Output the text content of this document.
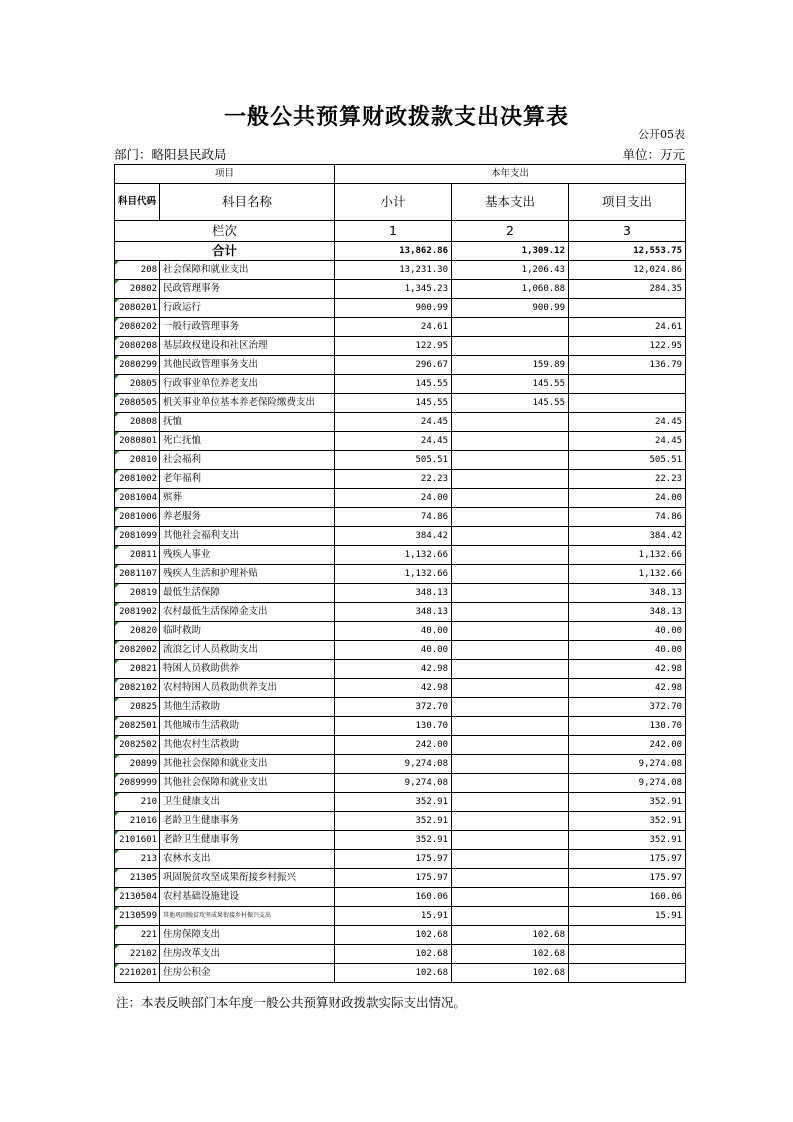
一般公共预算财政拨款支出决算表
公开05表
部门：略阳县民政局	单位：万元
项目		本年支出		
科目代码	科目名称	小计	基本支出	项目支出
栏次		1	2	3
合计		13,862.86	1,309.12	12,553.75
208	社会保障和就业支出	13,231.30	1,206.43	12,024.86
20802	民政管理事务	1,345.23	1,060.88	284.35
2080201	行政运行	900.99	900.99	
2080202	一般行政管理事务	24.61		24.61
2080208	基层政权建设和社区治理	122.95		122.95
2080299	其他民政管理事务支出	296.67	159.89	136.79
20805	行政事业单位养老支出	145.55	145.55	
2080505	机关事业单位基本养老保险缴费支出	145.55	145.55	
20808	抚恤	24.45		24.45
2080801	死亡抚恤	24.45		24.45
20810	社会福利	505.51		505.51
2081002	老年福利	22.23		22.23
2081004	殡葬	24.00		24.00
2081006	养老服务	74.86		74.86
2081099	其他社会福利支出	384.42		384.42
20811	残疾人事业	1,132.66		1,132.66
2081107	残疾人生活和护理补贴	1,132.66		1,132.66
20819	最低生活保障	348.13		348.13
2081902	农村最低生活保障金支出	348.13		348.13
20820	临时救助	40.00		40.00
2082002	流浪乞讨人员救助支出	40.00		40.00
20821	特困人员救助供养	42.98		42.98
2082102	农村特困人员救助供养支出	42.98		42.98
20825	其他生活救助	372.70		372.70
2082501	其他城市生活救助	130.70		130.70
2082502	其他农村生活救助	242.00		242.00
20899	其他社会保障和就业支出	9,274.08		9,274.08
2089999	其他社会保障和就业支出	9,274.08		9,274.08
210	卫生健康支出	352.91		352.91
21016	老龄卫生健康事务	352.91		352.91
2101601	老龄卫生健康事务	352.91		352.91
213	农林水支出	175.97		175.97
21305	巩固脱贫攻坚成果衔接乡村振兴	175.97		175.97
2130504	农村基础设施建设	160.06		160.06
2130599	其他巩固脱贫攻坚成果衔接乡村振兴支出	15.91		15.91
221	住房保障支出	102.68	102.68	
22102	住房改革支出	102.68	102.68	
2210201	住房公积金	102.68	102.68	
注：本表反映部门本年度一般公共预算财政拨款实际支出情况。
